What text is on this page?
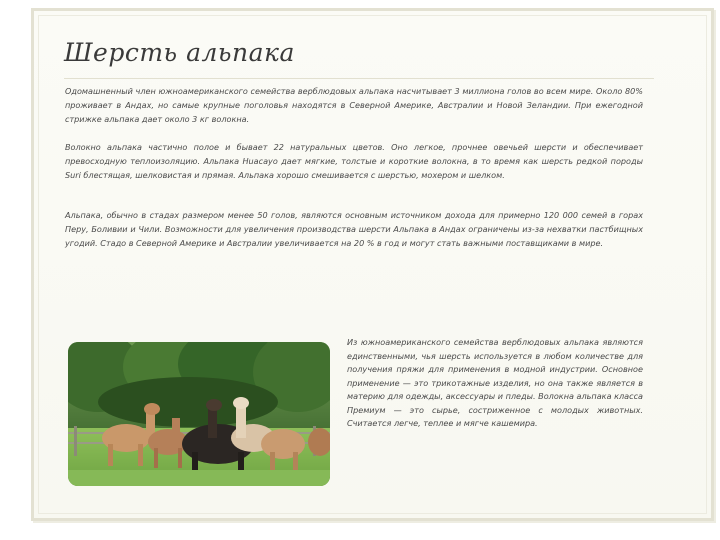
Шерсть альпака

Одомашненный член южноамериканского семейства верблюдовых альпака насчитывает 3 миллиона голов во всем мире. Около 80% проживает в Андах, но самые крупные поголовья находятся в Северной Америке, Австралии и Новой Зеландии. При ежегодной стрижке альпака дает около 3 кг волокна.

Волокно альпака частично полое и бывает 22 натуральных цветов. Оно легкое, прочнее овечьей шерсти и обеспечивает превосходную теплоизоляцию. Альпака Huacayo дает мягкие, толстые и короткие волокна, в то время как шерсть редкой породы Suri блестящая, шелковистая и прямая. Альпака хорошо смешивается с шерстью, мохером и шелком.

Альпака, обычно в стадах размером менее 50 голов, являются основным источником дохода для примерно 120 000 семей в горах Перу, Боливии и Чили. Возможности для увеличения производства шерсти Альпака в Андах ограничены из-за нехватки пастбищных угодий. Стадо в Северной Америке и Австралии увеличивается на 20 % в год и могут стать важными поставщиками в мире.

Из южноамериканского семейства верблюдовых альпака являются единственными, чья шерсть используется в любом количестве для получения пряжи для применения в модной индустрии. Основное применение — это трикотажные изделия, но она также является в материю для одежды, аксессуары и пледы. Волокна альпака класса Премиум — это сырье, состриженное с молодых животных. Считается легче, теплее и мягче кашемира.
